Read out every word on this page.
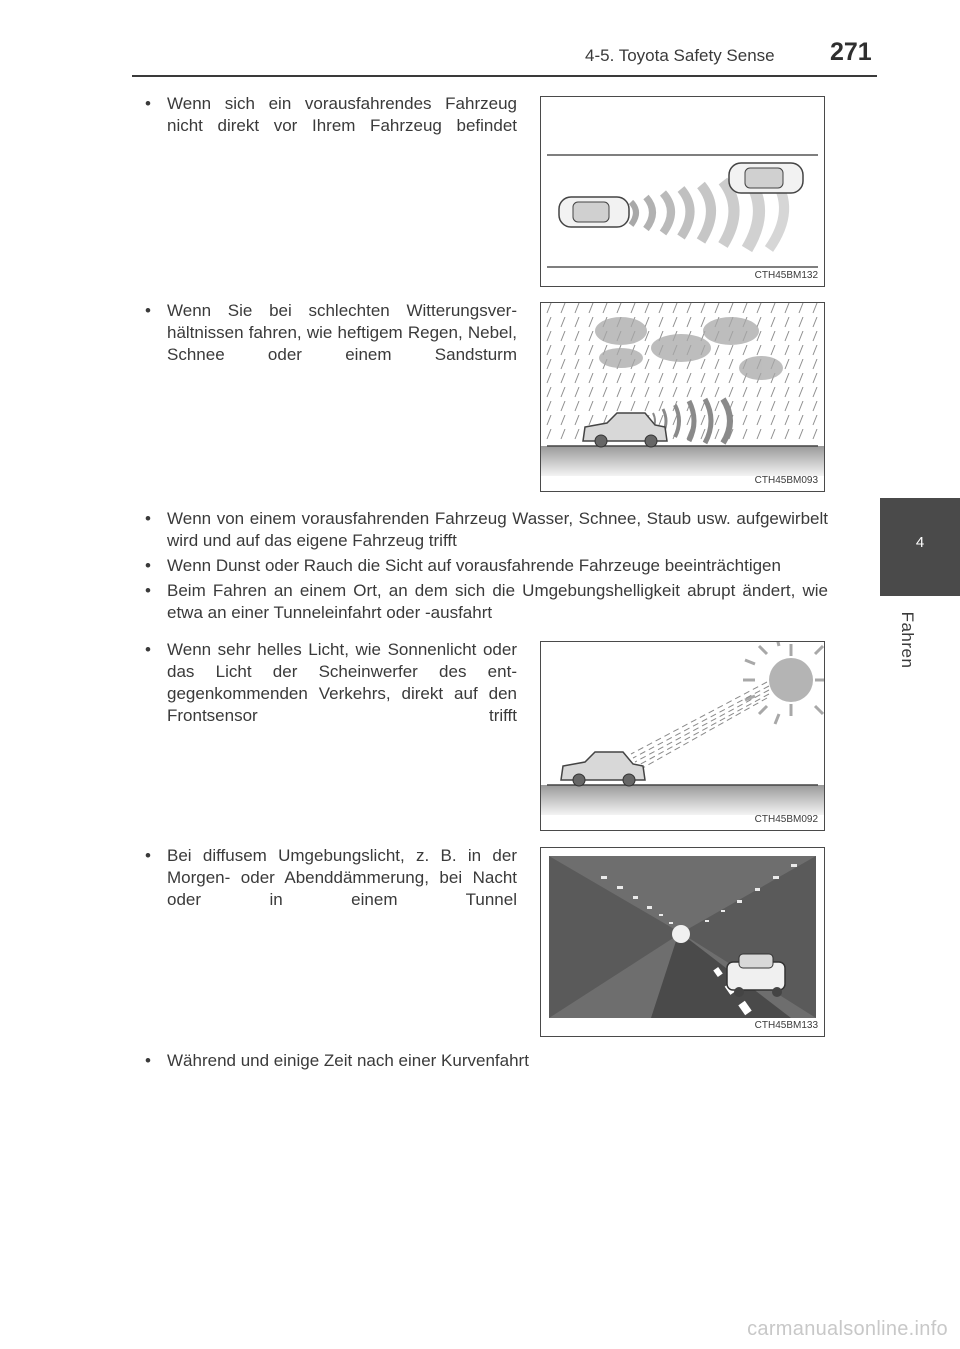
4-5. Toyota Safety Sense 271
4
Fahren
• Wenn sich ein vorausfahrendes Fahrzeug nicht direkt vor Ihrem Fahrzeug befindet
CTH45BM132
• Wenn Sie bei schlechten Witterungsverhältnissen fahren, wie heftigem Regen, Nebel, Schnee oder einem Sandsturm
CTH45BM093
• Wenn von einem vorausfahrenden Fahrzeug Wasser, Schnee, Staub usw. aufgewirbelt wird und auf das eigene Fahrzeug trifft
• Wenn Dunst oder Rauch die Sicht auf vorausfahrende Fahrzeuge beeinträchtigen
• Beim Fahren an einem Ort, an dem sich die Umgebungshelligkeit abrupt ändert, wie etwa an einer Tunneleinfahrt oder -ausfahrt
• Wenn sehr helles Licht, wie Sonnenlicht oder das Licht der Scheinwerfer des entgegenkommenden Verkehrs, direkt auf den Frontsensor trifft
CTH45BM092
• Bei diffusem Umgebungslicht, z. B. in der Morgen- oder Abenddämmerung, bei Nacht oder in einem Tunnel
CTH45BM133
• Während und einige Zeit nach einer Kurvenfahrt
carmanualsonline.info
